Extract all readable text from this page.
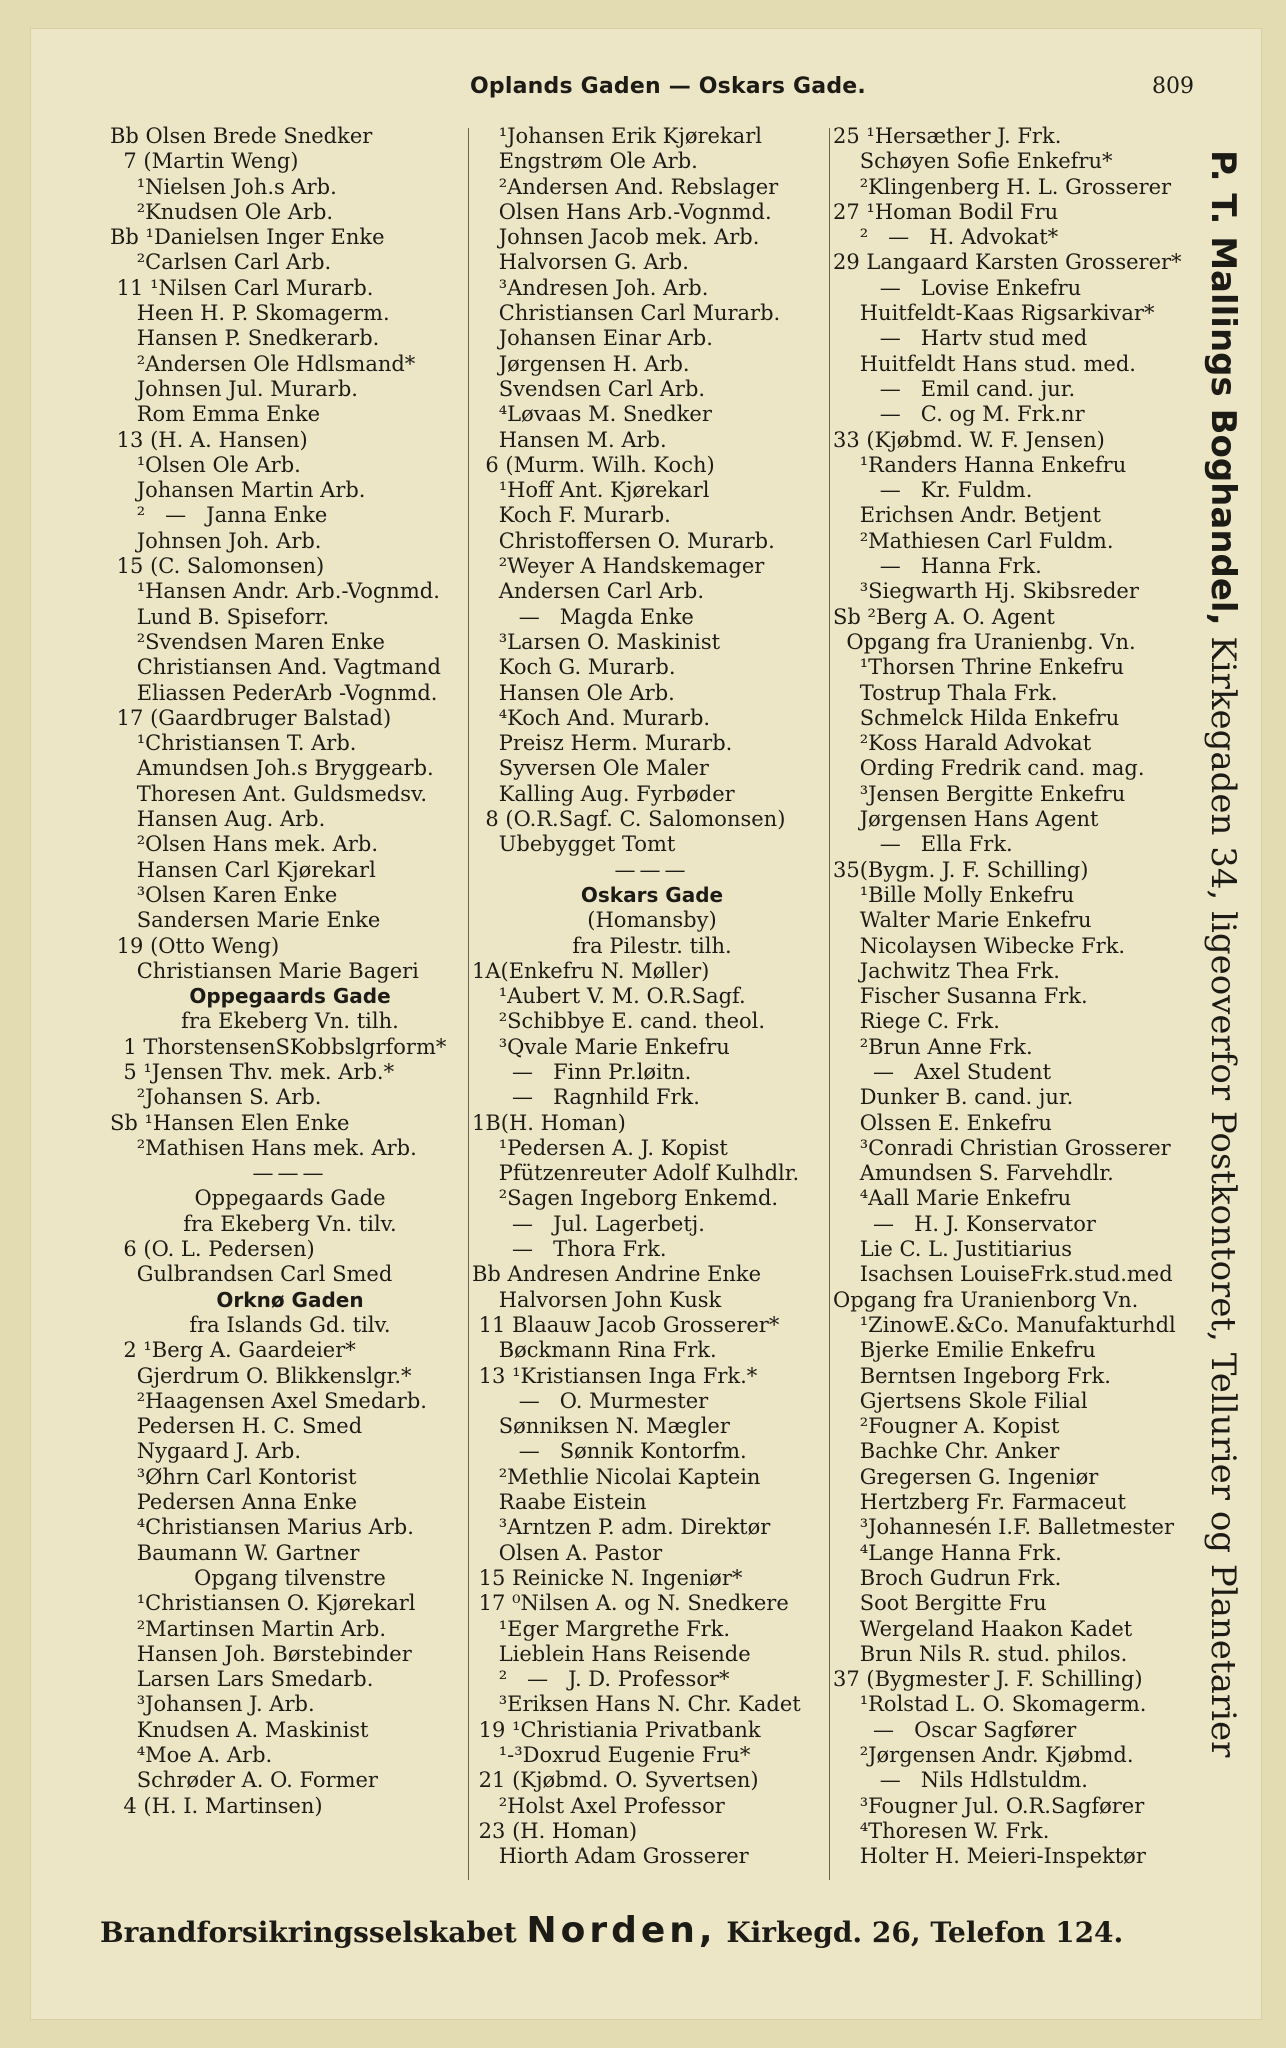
Oplands Gaden — Oskars Gade.	809
Bb Olsen Brede Snedker
7 (Martin Weng)
¹Nielsen Joh.s Arb.
²Knudsen Ole Arb.
Bb ¹Danielsen Inger Enke
²Carlsen Carl Arb.
11 ¹Nilsen Carl Murarb.
Heen H. P. Skomagerm.
Hansen P. Snedkerarb.
²Andersen Ole Hdlsmand*
Johnsen Jul. Murarb.
Rom Emma Enke
13 (H. A. Hansen)
¹Olsen Ole Arb.
Johansen Martin Arb.
²   —   Janna Enke
Johnsen Joh. Arb.
15 (C. Salomonsen)
¹Hansen Andr. Arb.-Vognmd.
Lund B. Spiseforr.
²Svendsen Maren Enke
Christiansen And. Vagtmand
Eliassen PederArb -Vognmd.
17 (Gaardbruger Balstad)
¹Christiansen T. Arb.
Amundsen Joh.s Bryggearb.
Thoresen Ant. Guldsmedsv.
Hansen Aug. Arb.
²Olsen Hans mek. Arb.
Hansen Carl Kjørekarl
³Olsen Karen Enke
Sandersen Marie Enke
19 (Otto Weng)
Christiansen Marie Bageri
Oppegaards Gade
fra Ekeberg Vn. tilh.
1 ThorstensenSKobbslgrform*
5 ¹Jensen Thv. mek. Arb.*
²Johansen S. Arb.
Sb ¹Hansen Elen Enke
²Mathisen Hans mek. Arb.
———
Oppegaards Gade
fra Ekeberg Vn. tilv.
6 (O. L. Pedersen)
Gulbrandsen Carl Smed
Orknø Gaden
fra Islands Gd. tilv.
2 ¹Berg A. Gaardeier*
Gjerdrum O. Blikkenslgr.*
²Haagensen Axel Smedarb.
Pedersen H. C. Smed
Nygaard J. Arb.
³Øhrn Carl Kontorist
Pedersen Anna Enke
⁴Christiansen Marius Arb.
Baumann W. Gartner
Opgang tilvenstre
¹Christiansen O. Kjørekarl
²Martinsen Martin Arb.
Hansen Joh. Børstebinder
Larsen Lars Smedarb.
³Johansen J. Arb.
Knudsen A. Maskinist
⁴Moe A. Arb.
Schrøder A. O. Former
4 (H. I. Martinsen)
¹Johansen Erik Kjørekarl
Engstrøm Ole Arb.
²Andersen And. Rebslager
Olsen Hans Arb.-Vognmd.
Johnsen Jacob mek. Arb.
Halvorsen G. Arb.
³Andresen Joh. Arb.
Christiansen Carl Murarb.
Johansen Einar Arb.
Jørgensen H. Arb.
Svendsen Carl Arb.
⁴Løvaas M. Snedker
Hansen M. Arb.
6 (Murm. Wilh. Koch)
¹Hoff Ant. Kjørekarl
Koch F. Murarb.
Christoffersen O. Murarb.
²Weyer A Handskemager
Andersen Carl Arb.
—   Magda Enke
³Larsen O. Maskinist
Koch G. Murarb.
Hansen Ole Arb.
⁴Koch And. Murarb.
Preisz Herm. Murarb.
Syversen Ole Maler
Kalling Aug. Fyrbøder
8 (O.R.Sagf. C. Salomonsen)
Ubebygget Tomt
———
Oskars Gade
(Homansby)
fra Pilestr. tilh.
1A(Enkefru N. Møller)
¹Aubert V. M. O.R.Sagf.
²Schibbye E. cand. theol.
³Qvale Marie Enkefru
—   Finn Pr.løitn.
—   Ragnhild Frk.
1B(H. Homan)
¹Pedersen A. J. Kopist
Pfützenreuter Adolf Kulhdlr.
²Sagen Ingeborg Enkemd.
—   Jul. Lagerbetj.
—   Thora Frk.
Bb Andresen Andrine Enke
Halvorsen John Kusk
11 Blaauw Jacob Grosserer*
Bøckmann Rina Frk.
13 ¹Kristiansen Inga Frk.*
—   O. Murmester
Sønniksen N. Mægler
—   Sønnik Kontorfm.
²Methlie Nicolai Kaptein
Raabe Eistein
³Arntzen P. adm. Direktør
Olsen A. Pastor
15 Reinicke N. Ingeniør*
17 ⁰Nilsen A. og N. Snedkere
¹Eger Margrethe Frk.
Lieblein Hans Reisende
²   —   J. D. Professor*
³Eriksen Hans N. Chr. Kadet
19 ¹Christiania Privatbank
¹-³Doxrud Eugenie Fru*
21 (Kjøbmd. O. Syvertsen)
²Holst Axel Professor
23 (H. Homan)
Hiorth Adam Grosserer
25 ¹Hersæther J. Frk.
Schøyen Sofie Enkefru*
²Klingenberg H. L. Grosserer
27 ¹Homan Bodil Fru
²   —   H. Advokat*
29 Langaard Karsten Grosserer*
—   Lovise Enkefru
Huitfeldt-Kaas Rigsarkivar*
—   Hartv stud med
Huitfeldt Hans stud. med.
—   Emil cand. jur.
—   C. og M. Frk.nr
33 (Kjøbmd. W. F. Jensen)
¹Randers Hanna Enkefru
—   Kr. Fuldm.
Erichsen Andr. Betjent
²Mathiesen Carl Fuldm.
—   Hanna Frk.
³Siegwarth Hj. Skibsreder
Sb ²Berg A. O. Agent
Opgang fra Uranienbg. Vn.
¹Thorsen Thrine Enkefru
Tostrup Thala Frk.
Schmelck Hilda Enkefru
²Koss Harald Advokat
Ording Fredrik cand. mag.
³Jensen Bergitte Enkefru
Jørgensen Hans Agent
—   Ella Frk.
35(Bygm. J. F. Schilling)
¹Bille Molly Enkefru
Walter Marie Enkefru
Nicolaysen Wibecke Frk.
Jachwitz Thea Frk.
Fischer Susanna Frk.
Riege C. Frk.
²Brun Anne Frk.
—   Axel Student
Dunker B. cand. jur.
Olssen E. Enkefru
³Conradi Christian Grosserer
Amundsen S. Farvehdlr.
⁴Aall Marie Enkefru
—   H. J. Konservator
Lie C. L. Justitiarius
Isachsen LouiseFrk.stud.med
Opgang fra Uranienborg Vn.
¹ZinowE.&Co. Manufakturhdl
Bjerke Emilie Enkefru
Berntsen Ingeborg Frk.
Gjertsens Skole Filial
²Fougner A. Kopist
Bachke Chr. Anker
Gregersen G. Ingeniør
Hertzberg Fr. Farmaceut
³Johannesén I.F. Balletmester
⁴Lange Hanna Frk.
Broch Gudrun Frk.
Soot Bergitte Fru
Wergeland Haakon Kadet
Brun Nils R. stud. philos.
37 (Bygmester J. F. Schilling)
¹Rolstad L. O. Skomagerm.
—   Oscar Sagfører
²Jørgensen Andr. Kjøbmd.
—   Nils Hdlstuldm.
³Fougner Jul. O.R.Sagfører
⁴Thoresen W. Frk.
Holter H. Meieri-Inspektør
P. T. Mallings Boghandel, Kirkegaden 34, ligeoverfor Postkontoret, Tellurier og Planetarier
Brandforsikringsselskabet Norden, Kirkegd. 26, Telefon 124.
